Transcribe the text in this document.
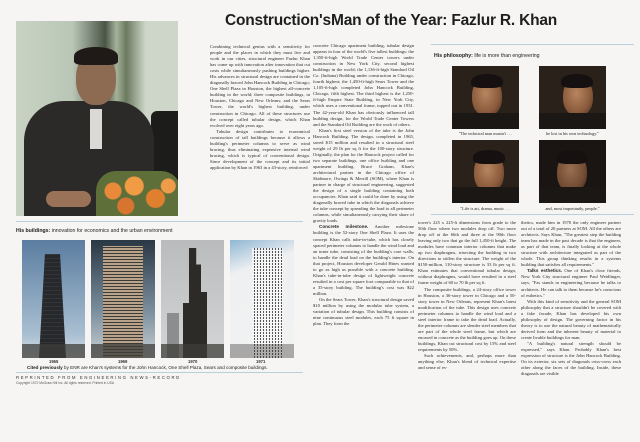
Construction's Man of the Year: Fazlur R. Khan

Combining technical genius with a sensitivity for people and the places in which they must live and work in our cities, structural engineer Fazlur Khan has come up with innovation after innovation that cut costs while simultaneously pushing buildings higher. His advances in structural design are contained in the diagonally braced John Hancock Building in Chicago; One Shell Plaza in Houston, the highest all-concrete building in the world; three composite buildings, in Houston, Chicago and New Orleans; and the Sears Tower, the world's highest building, under construction in Chicago. All of these structures use the concept called tubular design, which Khan evolved over eight years ago.

Tubular design contributes to economical construction of tall buildings because it allows a building's perimeter columns to serve as wind bracing, thus eliminating expensive internal wind bracing, which is typical of conventional design. Since development of the concept and its initial application by Khan in 1963 in a 43-story, reinforced

concrete Chicago apartment building, tubular design appears in four of the world's five tallest buildings: the 1,350-ft-high World Trade Center towers under construction in New York City, second highest buildings in the world; the 1,136-ft-high Standard Oil Co. (Indiana) Building under construction in Chicago, fourth highest; the 1,450-ft-high Sears Tower and the 1,105-ft-high completed John Hancock Building, Chicago, fifth highest. The third highest is the 1,250-ft-high Empire State Building, in New York City, which uses a conventional frame, topped out in 1931. The 42-year-old Khan has obviously influenced tall building design, for the World Trade Center Towers and the Standard Oil Building are the work of others.

Khan's first steel version of the tube is the John Hancock Building. The design, completed in 1965, saved $15 million and resulted in a structural steel weight of 29 lb per sq ft for the 100-story structure. Originally, the plan for the Hancock project called for two separate buildings, one office building and one apartment building. Bruce Graham, Khan's architectural partner in the Chicago office of Skidmore, Owings & Merrill (SOM), where Khan is partner in charge of structural engineering, suggested the design of a single building containing both occupancies. Khan said it could be done by using the diagonally braced tube in which the diagonals achieve the tube concept by spreading the load to all perimeter columns, while simultaneously carrying their share of gravity loads.

Concrete milestone. Another milestone building is the 52-story One Shell Plaza. It uses the concept Khan calls tube-in-tube, which has closely spaced perimeter columns to handle the wind load and an inner tube, consisting of the building's core walls, to handle the dead load on the building's interior. On that project, Houston developer Gerald Hines wanted to go as high as possible with a concrete building. Khan's tube-in-tube design of lightweight concrete resulted in a cost per square foot comparable to that of a 35-story building. The building's cost was $22 million.

On the Sears Tower, Khan's structural design saved $10 million by using the modular tube system, a variation of tubular design. This building consists of nine continuous steel modules, each 75 ft square in plan. They form the

His buildings: innovation for economics and the urban environment
1965	1969	1970	1971
Cited previously by ENR are Khan's systems for the John Hancock, One Shell Plaza, Sears and composite buildings.
REPRINTED FROM ENGINEERING NEWS-RECORD
Copyright 1972 McGraw-Hill Inc. All rights reserved. Printed in USA
His philosophy: life is more than engineering
"The technical man mustn't . . .	be lost in his own technology."
"Life is art, drama, music . . .	and, most importantly, people."

tower's 225 x 225-ft dimensions from grade to the 50th floor where two modules drop off. Two more drop off at the 66th and three at the 90th floor leaving only two that go the full 1,450-ft height. The modules have common interior columns that make up two diaphragms, trisecting the building in two directions to stiffen the structure. The weight of the $150-million, 110-story structure is 33 lb per sq ft. Khan estimates that conventional tubular design, without diaphragms, would have resulted in a steel frame weight of 60 to 70 lb per sq ft.

The composite buildings, a 24-story office tower in Houston, a 36-story tower in Chicago and a 50-story tower in New Orleans, represent Khan's latest modification of the tube. This design uses concrete perimeter columns to handle the wind load and a steel interior frame to take the dead load. Actually, the perimeter columns are slender steel members that are part of the whole steel frame, but which are encased in concrete as the building goes up. On these buildings, Khan cut structural cost by 15% and steel requirements by 50%.

Such achievements, and, perhaps more than anything else, Khan's blend of technical expertise and sense of es-

thetics, made him in 1970 the only engineer partner out of a total of 20 partners at SOM. All the others are architects. Says Khan, "The greatest step the building team has made in the past decade is that the engineer, as part of that team, is finally looking at the whole structure with architecture integrated as part of the whole. This group thinking results in a systems building that satisfies all requirements."

Talks esthetics. One of Khan's close friends, New York City structural engineer Paul Weidlinger, says, "Fas stands in engineering because he talks to architects. He can talk to them because he's conscious of esthetics."

With this kind of sensitivity and the general SOM philosophy that a structure shouldn't be covered with a fake facade, Khan has developed his own philosophy of design. The governing factor in his theory is to use the natural beauty of mathematically derived form and the inherent beauty of material to create livable buildings for man.

"A building's natural strength should be expressed," says Khan. Probably Khan's best expression of structure is the John Hancock Building. On its exterior, six sets of diagonals criss-cross each other along the faces of the building. Inside, these diagonals are visible
